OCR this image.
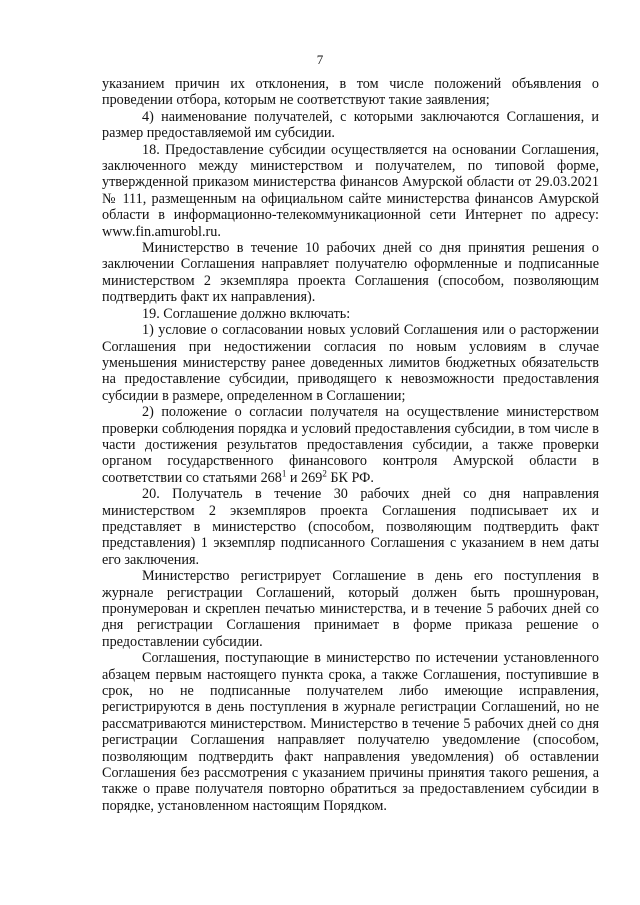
7

указанием причин их отклонения, в том числе положений объявления о проведении отбора, которым не соответствуют такие заявления;

4) наименование получателей, с которыми заключаются Соглашения, и размер предоставляемой им субсидии.

18. Предоставление субсидии осуществляется на основании Соглашения, заключенного между министерством и получателем, по типовой форме, утвержденной приказом министерства финансов Амурской области от 29.03.2021 № 111, размещенным на официальном сайте министерства финансов Амурской области в информационно-телекоммуникационной сети Интернет по адресу: www.fin.amurobl.ru.

Министерство в течение 10 рабочих дней со дня принятия решения о заключении Соглашения направляет получателю оформленные и подписанные министерством 2 экземпляра проекта Соглашения (способом, позволяющим подтвердить факт их направления).

19. Соглашение должно включать:

1) условие о согласовании новых условий Соглашения или о расторжении Соглашения при недостижении согласия по новым условиям в случае уменьшения министерству ранее доведенных лимитов бюджетных обязательств на предоставление субсидии, приводящего к невозможности предоставления субсидии в размере, определенном в Соглашении;

2) положение о согласии получателя на осуществление министерством проверки соблюдения порядка и условий предоставления субсидии, в том числе в части достижения результатов предоставления субсидии, а также проверки органом государственного финансового контроля Амурской области в соответствии со статьями $268^1$ и $269^2$ БК РФ.

20. Получатель в течение 30 рабочих дней со дня направления министерством 2 экземпляров проекта Соглашения подписывает их и представляет в министерство (способом, позволяющим подтвердить факт представления) 1 экземпляр подписанного Соглашения с указанием в нем даты его заключения.

Министерство регистрирует Соглашение в день его поступления в журнале регистрации Соглашений, который должен быть прошнурован, пронумерован и скреплен печатью министерства, и в течение 5 рабочих дней со дня регистрации Соглашения принимает в форме приказа решение о предоставлении субсидии.

Соглашения, поступающие в министерство по истечении установленного абзацем первым настоящего пункта срока, а также Соглашения, поступившие в срок, но не подписанные получателем либо имеющие исправления, регистрируются в день поступления в журнале регистрации Соглашений, но не рассматриваются министерством. Министерство в течение 5 рабочих дней со дня регистрации Соглашения направляет получателю уведомление (способом, позволяющим подтвердить факт направления уведомления) об оставлении Соглашения без рассмотрения с указанием причины принятия такого решения, а также о праве получателя повторно обратиться за предоставлением субсидии в порядке, установленном настоящим Порядком.
